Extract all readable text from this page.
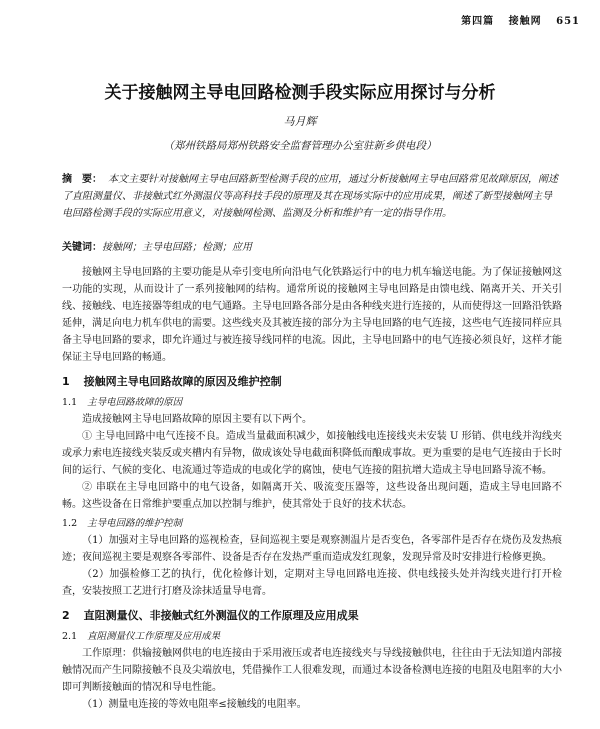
第四篇 接触网 651
关于接触网主导电回路检测手段实际应用探讨与分析
马月辉
（郑州铁路局郑州铁路安全监督管理办公室驻新乡供电段）
摘　要： 本文主要针对接触网主导电回路新型检测手段的应用，通过分析接触网主导电回路常见故障原因，阐述了直阻测量仪、非接触式红外测温仪等高科技手段的原理及其在现场实际中的应用成果，阐述了新型接触网主导电回路检测手段的实际应用意义，对接触网检测、监测及分析和维护有一定的指导作用。
关键词：接触网；主导电回路；检测；应用

接触网主导电回路的主要功能是从牵引变电所向沿电气化铁路运行中的电力机车输送电能。为了保证接触网这一功能的实现，从而设计了一系列接触网的结构。通常所说的接触网主导电回路是由馈电线、隔离开关、开关引线、接触线、电连接器等组成的电气通路。主导电回路各部分是由各种线夹进行连接的，从而使得这一回路沿铁路延伸，满足向电力机车供电的需要。这些线夹及其被连接的部分为主导电回路的电气连接，这些电气连接同样应具备主导电回路的要求，即允许通过与被连接导线同样的电流。因此，主导电回路中的电气连接必须良好，这样才能保证主导电回路的畅通。

1 接触网主导电回路故障的原因及维护控制
1.1 主导电回路故障的原因

造成接触网主导电回路故障的原因主要有以下两个。

① 主导电回路中电气连接不良。造成当量截面积减少，如接触线电连接线夹未安装 U 形销、供电线并沟线夹或承力索电连接线夹装反或夹槽内有异物，做成该处导电截面积降低而酿成事故。更为重要的是电气连接由于长时间的运行、气候的变化、电流通过等造成的电或化学的腐蚀，使电气连接的阻抗增大造成主导电回路导流不畅。

② 串联在主导电回路中的电气设备，如隔离开关、吸流变压器等，这些设备出现问题，造成主导电回路不畅。这些设备在日常维护要重点加以控制与维护，使其常处于良好的技术状态。

1.2 主导电回路的维护控制

（1）加强对主导电回路的巡视检查，昼间巡视主要是观察测温片是否变色，各零部件是否存在烧伤及发热痕迹；夜间巡视主要是观察各零部件、设备是否存在发热严重而造成发红现象，发现异常及时安排进行检修更换。

（2）加强检修工艺的执行，优化检修计划，定期对主导电回路电连接、供电线接头处并沟线夹进行打开检查，安装按照工艺进行打磨及涂抹适量导电膏。

2 直阻测量仪、非接触式红外测温仪的工作原理及应用成果
2.1 直阻测量仪工作原理及应用成果

工作原理：供输接触网供电的电连接由于采用液压或者电连接线夹与导线接触供电，往往由于无法知道内部接触情况而产生同隙接触不良及尖端放电，凭借操作工人很难发现，而通过本设备检测电连接的电阻及电阻率的大小即可判断接触面的情况和导电性能。

（1）测量电连接的等效电阻率≤接触线的电阻率。
